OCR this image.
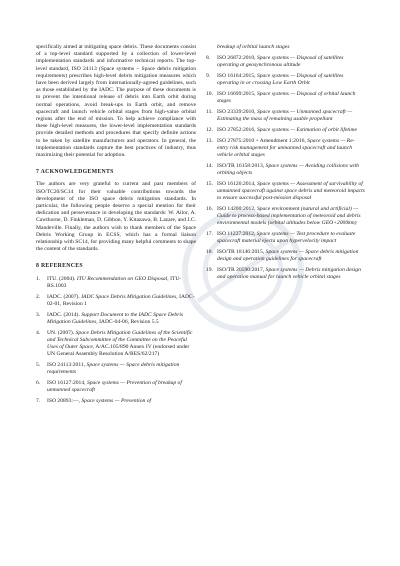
specifically aimed at mitigating space debris. These documents consist of a top-level standard supported by a collection of lower-level implementation standards and informative technical reports. The top-level standard, ISO 24113 (Space systems – Space debris mitigation requirements) prescribes high-level debris mitigation measures which have been derived largely from internationally-agreed guidelines, such as those established by the IADC. The purpose of these documents is to prevent the intentional release of debris into Earth orbit during normal operations, avoid break-ups in Earth orbit, and remove spacecraft and launch vehicle orbital stages from high-value orbital regions after the end of mission. To help achieve compliance with these high-level measures, the lower-level implementation standards provide detailed methods and procedures that specify definite actions to be taken by satellite manufacturers and operators. In general, the implementation standards capture the best practices of industry, thus maximizing their potential for adoption.

7 ACKNOWLEDGEMENTS

The authors are very grateful to current and past members of ISO/TC20/SC14 for their valuable contributions towards the development of the ISO space debris mitigation standards. In particular, the following people deserve a special mention for their dedication and perseverance in developing the standards: W. Ailor, A. Cawthorne, D. Finkleman, D. Gibbon, Y. Kitazawa, B. Lazare, and J.C. Mandeville. Finally, the authors wish to thank members of the Space Debris Working Group in ECSS, which has a formal liaison relationship with SC14, for providing many helpful comments to shape the content of the standards.

8 REFERENCES
1.	ITU. (2004). ITU Recommendation on GEO Disposal, ITU-RS.1003
2.	IADC. (2007). IADC Space Debris Mitigation Guidelines, IADC-02-01, Revision 1
3.	IADC. (2014). Support Document to the IADC Space Debris Mitigation Guidelines, IADC-04-06, Revision 5.5
4.	UN. (2007). Space Debris Mitigation Guidelines of the Scientific and Technical Subcommittee of the Committee on the Peaceful Uses of Outer Space, A/AC.105/890 Annex IV (endorsed under UN General Assembly Resolution A/RES/62/217)
5.	ISO 24113:2011, Space systems — Space debris mitigation requirements
6.	ISO 16127:2014, Space systems — Prevention of breakup of unmanned spacecraft
7.	ISO 20893:—, Space systems — Prevention of
breakup of orbital launch stages
8.	ISO 26872:2010, Space systems — Disposal of satellites operating at geosynchronous altitude
9.	ISO 16164:2015, Space systems — Disposal of satellites operating in or crossing Low Earth Orbit
10. ISO 16699:2015, Space systems — Disposal of orbital launch stages
11. ISO 23339:2010, Space systems — Unmanned spacecraft — Estimating the mass of remaining usable propellant
12. ISO 27852:2016, Space systems — Estimation of orbit lifetime
13. ISO 27875:2010 + Amendment 1:2016, Space systems — Re-entry risk management for unmanned spacecraft and launch vehicle orbital stages
14. ISO/TR 16158:2013, Space systems — Avoiding collisions with orbiting objects
15. ISO 16126:2014, Space systems — Assessment of survivability of unmanned spacecraft against space debris and meteoroid impacts to ensure successful post-mission disposal
16. ISO 14200:2012, Space environment (natural and artificial) — Guide to process-based implementation of meteoroid and debris environmental models (orbital altitudes below GEO+2000km)
17. ISO 11227:2012, Space systems — Test procedure to evaluate spacecraft material ejecta upon hypervelocity impact
18. ISO/TR 18146:2015, Space systems — Space debris mitigation design and operation guidelines for spacecraft
19. ISO/TR 20590:2017, Space systems — Debris mitigation design and operation manual for launch vehicle orbital stages
